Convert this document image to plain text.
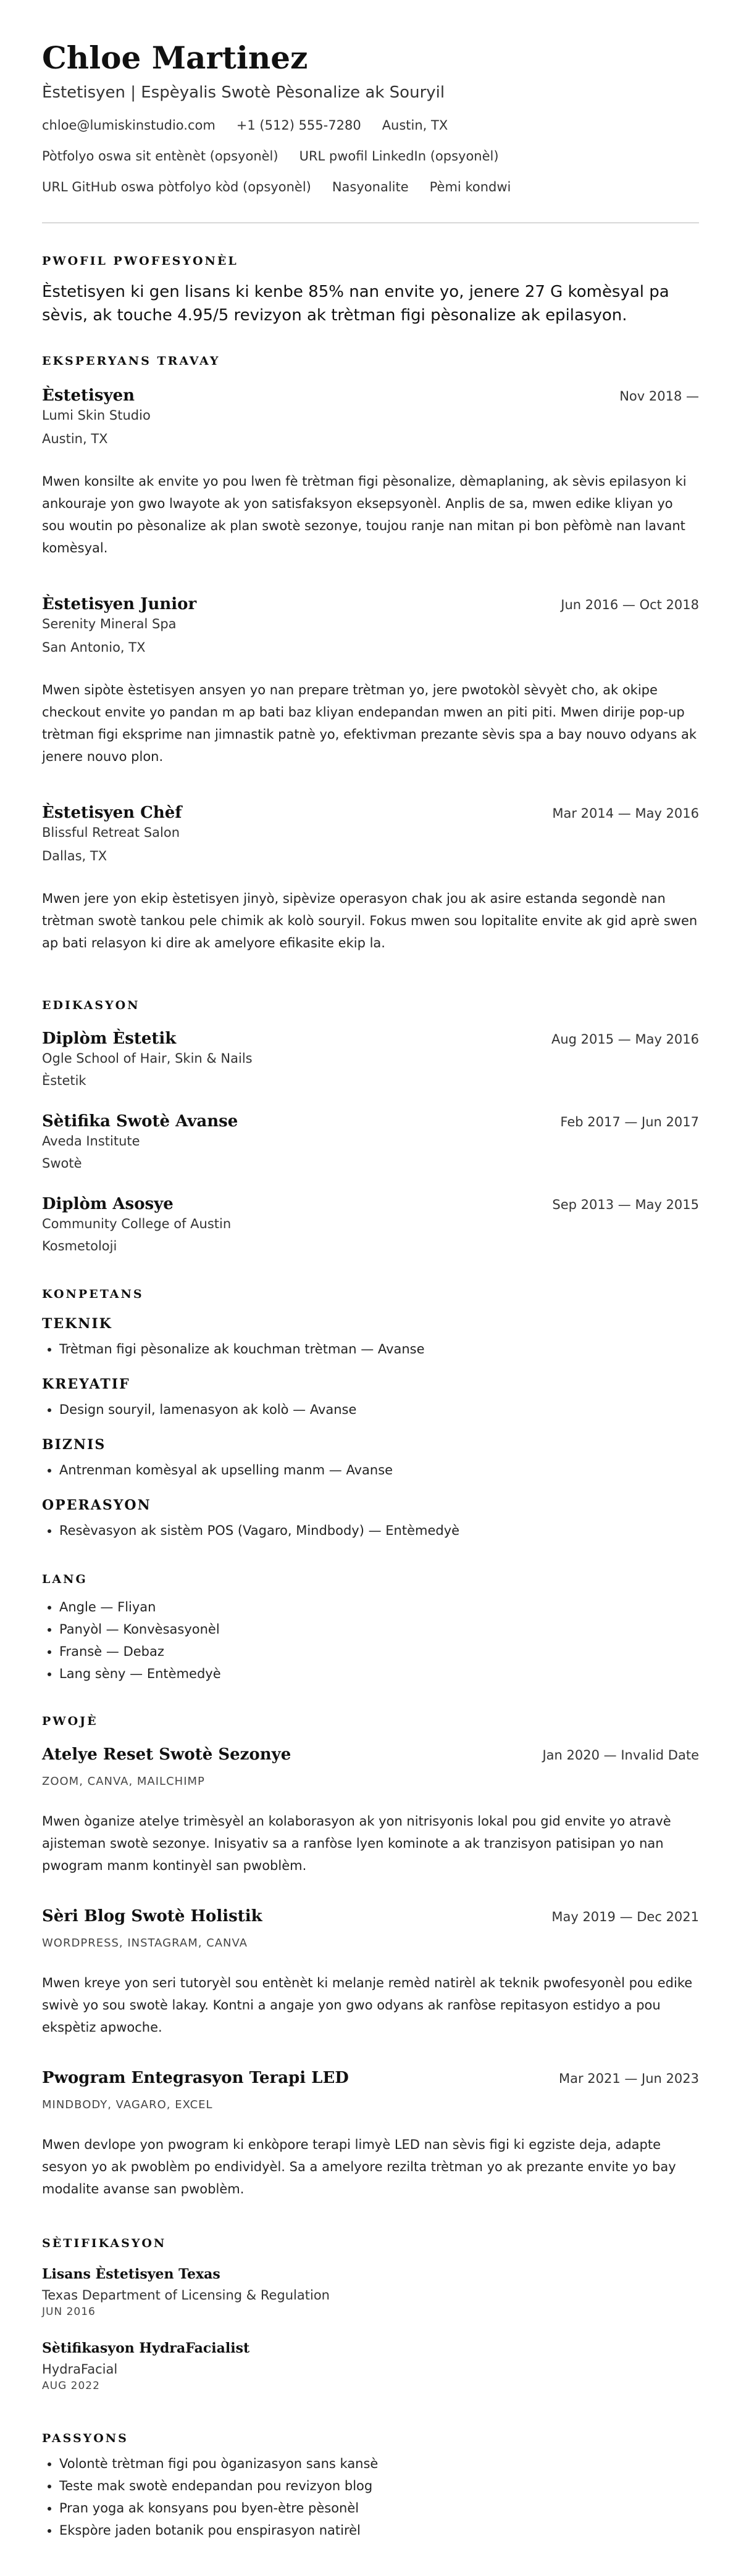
Chloe Martinez
Èstetisyen | Espèyalis Swotè Pèsonalize ak Souryil
chloe@lumiskinstudio.com +1 (512) 555-7280 Austin, TX
Pòtfolyo oswa sit entènèt (opsyonèl) URL pwofil LinkedIn (opsyonèl)
URL GitHub oswa pòtfolyo kòd (opsyonèl) Nasyonalite Pèmi kondwi
PWOFIL PWOFESYONÈL
Èstetisyen ki gen lisans ki kenbe 85% nan envite yo, jenere 27 G komèsyal pa sèvis, ak touche 4.95/5 revizyon ak trètman figi pèsonalize ak epilasyon.
EKSPERYANS TRAVAY
Èstetisyen	Nov 2018 —
Lumi Skin Studio
Austin, TX
Mwen konsilte ak envite yo pou lwen fè trètman figi pèsonalize, dèmaplaning, ak sèvis epilasyon ki ankouraje yon gwo lwayote ak yon satisfaksyon eksepsyonèl. Anplis de sa, mwen edike kliyan yo sou woutin po pèsonalize ak plan swotè sezonye, toujou ranje nan mitan pi bon pèfòmè nan lavant komèsyal.
Èstetisyen Junior	Jun 2016 — Oct 2018
Serenity Mineral Spa
San Antonio, TX
Mwen sipòte èstetisyen ansyen yo nan prepare trètman yo, jere pwotokòl sèvyèt cho, ak okipe checkout envite yo pandan m ap bati baz kliyan endepandan mwen an piti piti. Mwen dirije pop-up trètman figi eksprime nan jimnastik patnè yo, efektivman prezante sèvis spa a bay nouvo odyans ak jenere nouvo plon.
Èstetisyen Chèf	Mar 2014 — May 2016
Blissful Retreat Salon
Dallas, TX
Mwen jere yon ekip èstetisyen jinyò, sipèvize operasyon chak jou ak asire estanda segondè nan trètman swotè tankou pele chimik ak kolò souryil. Fokus mwen sou lopitalite envite ak gid aprè swen ap bati relasyon ki dire ak amelyore efikasite ekip la.
EDIKASYON
Diplòm Èstetik	Aug 2015 — May 2016
Ogle School of Hair, Skin & Nails
Èstetik
Sètifika Swotè Avanse	Feb 2017 — Jun 2017
Aveda Institute
Swotè
Diplòm Asosye	Sep 2013 — May 2015
Community College of Austin
Kosmetoloji
KONPETANS
TEKNIK
• Trètman figi pèsonalize ak kouchman trètman — Avanse
KREYATIF
• Design souryil, lamenasyon ak kolò — Avanse
BIZNIS
• Antrenman komèsyal ak upselling manm — Avanse
OPERASYON
• Resèvasyon ak sistèm POS (Vagaro, Mindbody) — Entèmedyè
LANG
• Angle — Fliyan
• Panyòl — Konvèsasyonèl
• Fransè — Debaz
• Lang sèny — Entèmedyè
PWOJÈ
Atelye Reset Swotè Sezonye	Jan 2020 — Invalid Date
ZOOM, CANVA, MAILCHIMP
Mwen òganize atelye trimèsyèl an kolaborasyon ak yon nitrisyonis lokal pou gid envite yo atravè ajisteman swotè sezonye. Inisyativ sa a ranfòse lyen kominote a ak tranzisyon patisipan yo nan pwogram manm kontinyèl san pwoblèm.
Sèri Blog Swotè Holistik	May 2019 — Dec 2021
WORDPRESS, INSTAGRAM, CANVA
Mwen kreye yon seri tutoryèl sou entènèt ki melanje remèd natirèl ak teknik pwofesyonèl pou edike swivè yo sou swotè lakay. Kontni a angaje yon gwo odyans ak ranfòse repitasyon estidyo a pou ekspètiz apwoche.
Pwogram Entegrasyon Terapi LED	Mar 2021 — Jun 2023
MINDBODY, VAGARO, EXCEL
Mwen devlope yon pwogram ki enkòpore terapi limyè LED nan sèvis figi ki egziste deja, adapte sesyon yo ak pwoblèm po endividyèl. Sa a amelyore rezilta trètman yo ak prezante envite yo bay modalite avanse san pwoblèm.
SÈTIFIKASYON
Lisans Èstetisyen Texas
Texas Department of Licensing & Regulation
JUN 2016
Sètifikasyon HydraFacialist
HydraFacial
AUG 2022
PASSYONS
• Volontè trètman figi pou òganizasyon sans kansè
• Teste mak swotè endepandan pou revizyon blog
• Pran yoga ak konsyans pou byen-ètre pèsonèl
• Ekspòre jaden botanik pou enspirasyon natirèl
